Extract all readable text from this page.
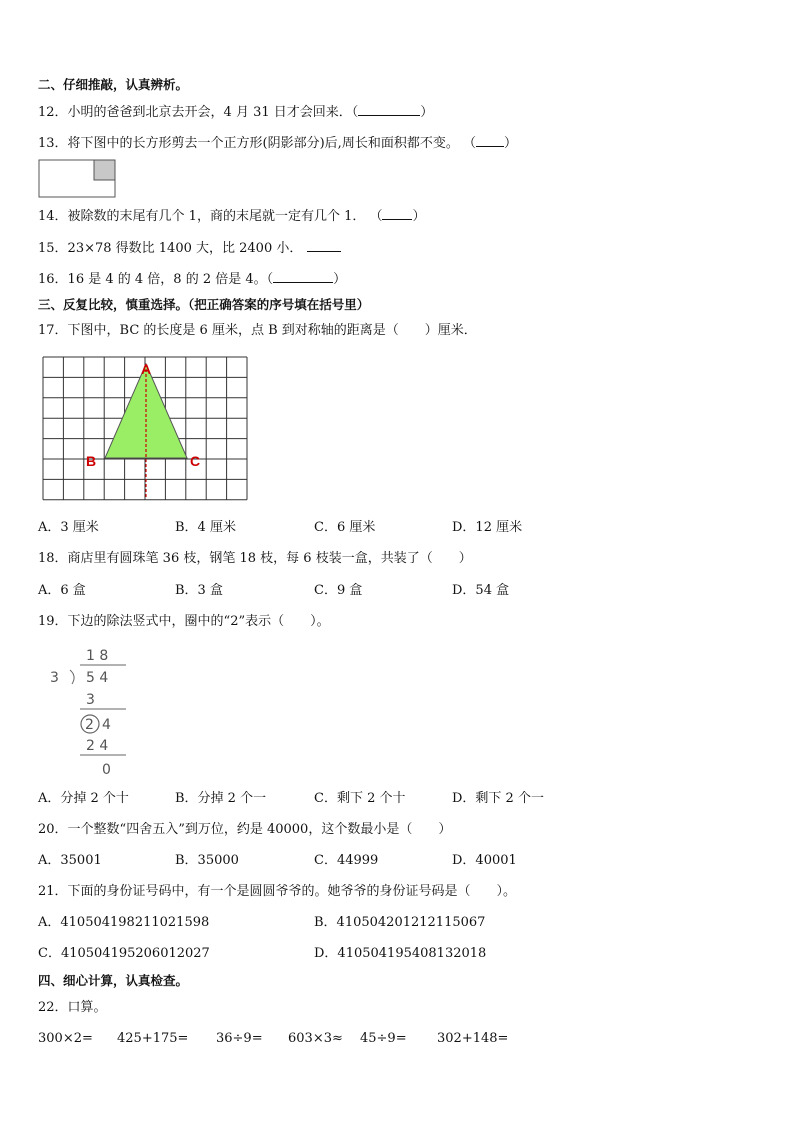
二、仔细推敲，认真辨析。
12．小明的爸爸到北京去开会，4 月 31 日才会回来．（	）
13．将下图中的长方形剪去一个正方形(阴影部分)后,周长和面积都不变。 （ ）
14．被除数的末尾有几个 1，商的末尾就一定有几个 1． （ ）
15．23×78 得数比 1400 大，比 2400 小．
16．16 是 4 的 4 倍，8 的 2 倍是 4。（	）
三、反复比较，慎重选择。（把正确答案的序号填在括号里）
17．下图中，BC 的长度是 6 厘米，点 B 到对称轴的距离是（　　）厘米．
A
B	C
A．3 厘米	B．4 厘米	C．6 厘米	D．12 厘米
18．商店里有圆珠笔 36 枝，钢笔 18 枝，每 6 枝装一盒，共装了（　　）
A．6 盒	B．3 盒	C．9 盒	D．54 盒
19．下边的除法竖式中，圈中的“2”表示（　　）。
1 8
3 5 4
3
2 4
2 4
0
A．分掉 2 个十	B．分掉 2 个一	C．剩下 2 个十	D．剩下 2 个一
20．一个整数“四舍五入”到万位，约是 40000，这个数最小是（　　）
A．35001	B．35000	C．44999	D．40001
21．下面的身份证号码中，有一个是圆圆爷爷的。她爷爷的身份证号码是（　　）。
A．410504198211021598	B．410504201212115067
C．410504195206012027	D．410504195408132018
四、细心计算，认真检查。
22．口算。
300×2= 425+175= 36÷9= 603×3≈ 45÷9= 302+148=
